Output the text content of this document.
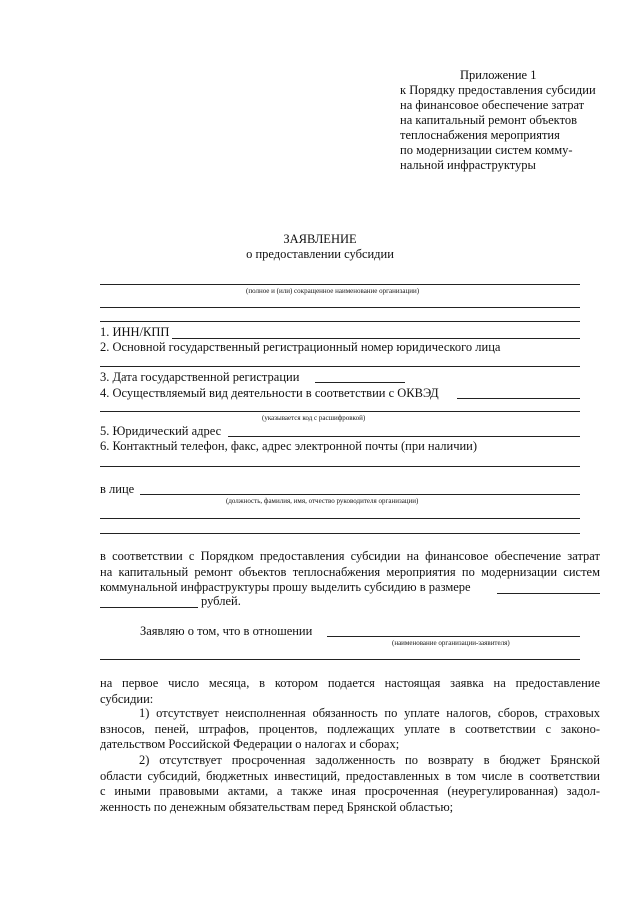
Приложение 1
к Порядку предоставления субсидии
на финансовое обеспечение затрат
на капитальный ремонт объектов
теплоснабжения мероприятия
по модернизации систем комму-
нальной инфраструктуры
ЗАЯВЛЕНИЕ
о предоставлении субсидии
(полное и (или) сокращенное наименование организации)
1. ИНН/КПП
2. Основной государственный регистрационный номер юридического лица
3. Дата государственной регистрации
4. Осуществляемый вид деятельности в соответствии с ОКВЭД
(указывается код с расшифровкой)
5. Юридический адрес
6. Контактный телефон, факс, адрес электронной почты (при наличии)
в лице
(должность, фамилия, имя, отчество руководителя организации)
в соответствии с Порядком предоставления субсидии на финансовое обеспечение затрат
на капитальный ремонт объектов теплоснабжения мероприятия по модернизации систем
коммунальной инфраструктуры прошу выделить субсидию в размере
рублей.
Заявляю о том, что в отношении
(наименование организации-заявителя)
на первое число месяца, в котором подается настоящая заявка на предоставление
субсидии:
1) отсутствует неисполненная обязанность по уплате налогов, сборов, страховых
взносов, пеней, штрафов, процентов, подлежащих уплате в соответствии с законо-
дательством Российской Федерации о налогах и сборах;
2) отсутствует просроченная задолженность по возврату в бюджет Брянской
области субсидий, бюджетных инвестиций, предоставленных в том числе в соответствии
с иными правовыми актами, а также иная просроченная (неурегулированная) задол-
женность по денежным обязательствам перед Брянской областью;
